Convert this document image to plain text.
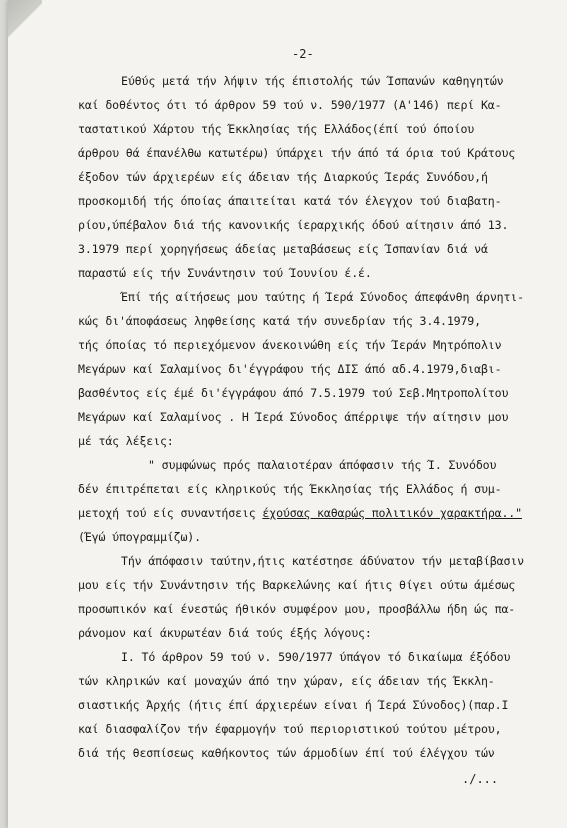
-2-
Εύθύς μετά τήν λήψιν τής έπιστολής τών Ίσπανών καθηγητών
καί δοθέντος ότι τό άρθρον 59 τού ν. 590/1977 (Α'146) περί Κα-
ταστατικού Χάρτου τής Έκκλησίας τής Ελλάδος(έπί τού όποίου
άρθρου θά έπανέλθω κατωτέρω) ύπάρχει τήν άπό τά όρια τού Κράτους
έξοδον τών άρχιερέων είς άδειαν τής Διαρκούς Ίεράς Συνόδου,ή
προσκομιδή τής όποίας άπαιτείται κατά τόν έλεγχον τού διαβατη-
ρίου,ύπέβαλον διά τής κανονικής ίεραρχικής όδού αίτησιν άπό 13.
3.1979 περί χορηγήσεως άδείας μεταβάσεως είς Ίσπανίαν διά νά
παραστώ είς τήν Συνάντησιν τού Ίουνίου έ.έ.
Έπί τής αίτήσεως μου ταύτης ή Ίερά Σύνοδος άπεφάνθη άρνητι-
κώς δι'άποφάσεως ληφθείσης κατά τήν συνεδρίαν τής 3.4.1979,
τής όποίας τό περιεχόμενον άνεκοινώθη είς τήν Ίεράν Μητρόπολιν
Μεγάρων καί Σαλαμίνος δι'έγγράφου τής ΔΙΣ άπό αδ.4.1979,διαβι-
βασθέντος είς έμέ δι'έγγράφου άπό 7.5.1979 τού Σεβ.Μητροπολίτου
Μεγάρων καί Σαλαμίνος . Η Ίερά Σύνοδος άπέρριψε τήν αίτησιν μου
μέ τάς λέξεις:
" συμφώνως πρός παλαιοτέραν άπόφασιν τής Ί. Συνόδου
δέν έπιτρέπεται είς κληρικούς τής Έκκλησίας τής Ελλάδος ή συμ-
μετοχή τού είς συναντήσεις έχούσας καθαρώς πολιτικόν χαρακτήρα.."
(Έγώ ύπογραμμίζω).
Τήν άπόφασιν ταύτην,ήτις κατέστησε άδύνατον τήν μεταβίβασιν
μου είς τήν Συνάντησιν τής Βαρκελώνης καί ήτις θίγει ούτω άμέσως
προσωπικόν καί ένεστώς ήθικόν συμφέρον μου, προσβάλλω ήδη ώς πα-
ράνομον καί άκυρωτέαν διά τούς έξής λόγους:
Ι. Τό άρθρον 59 τού ν. 590/1977 ύπάγον τό δικαίωμα έξόδου
τών κληρικών καί μοναχών άπό την χώραν, είς άδειαν τής Έκκλη-
σιαστικής Άρχής (ήτις έπί άρχιερέων είναι ή Ίερά Σύνοδος)(παρ.Ι
καί διασφαλίζον τήν έφαρμογήν τού περιοριστικού τούτου μέτρου,
διά τής θεσπίσεως καθήκοντος τών άρμοδίων έπί τού έλέγχου τών
./...
